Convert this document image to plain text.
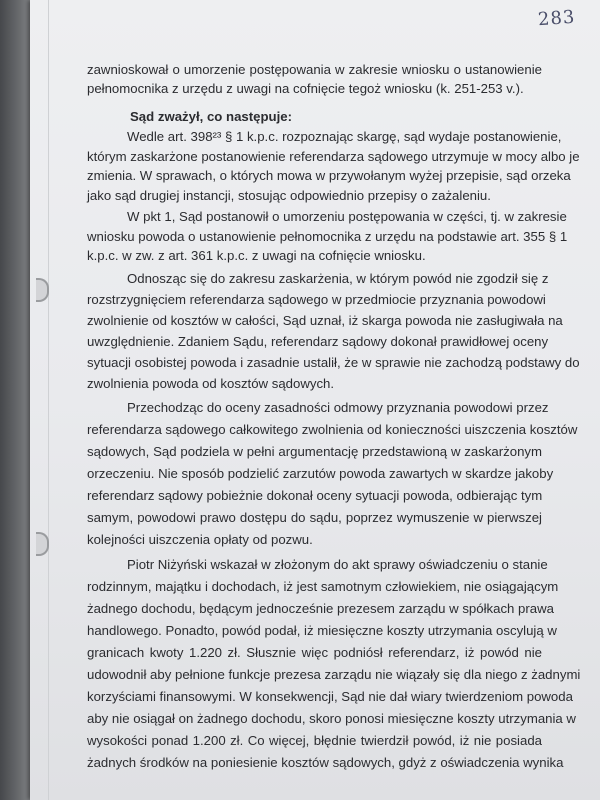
283
zawnioskował o umorzenie postępowania w zakresie wniosku o ustanowienie
pełnomocnika z urzędu z uwagi na cofnięcie tegoż wniosku (k. 251-253 v.).
Sąd zważył, co następuje:
Wedle art. 398²³ § 1 k.p.c. rozpoznając skargę, sąd wydaje postanowienie,
którym zaskarżone postanowienie referendarza sądowego utrzymuje w mocy albo je
zmienia. W sprawach, o których mowa w przywołanym wyżej przepisie, sąd orzeka
jako sąd drugiej instancji, stosując odpowiednio przepisy o zażaleniu.
W pkt 1, Sąd postanowił o umorzeniu postępowania w części, tj. w zakresie
wniosku powoda o ustanowienie pełnomocnika z urzędu na podstawie art. 355 § 1
k.p.c. w zw. z art. 361 k.p.c. z uwagi na cofnięcie wniosku.
Odnosząc się do zakresu zaskarżenia, w którym powód nie zgodził się z
rozstrzygnięciem referendarza sądowego w przedmiocie przyznania powodowi
zwolnienie od kosztów w całości, Sąd uznał, iż skarga powoda nie zasługiwała na
uwzględnienie. Zdaniem Sądu, referendarz sądowy dokonał prawidłowej oceny
sytuacji osobistej powoda i zasadnie ustalił, że w sprawie nie zachodzą podstawy do
zwolnienia powoda od kosztów sądowych.
Przechodząc do oceny zasadności odmowy przyznania powodowi przez
referendarza sądowego całkowitego zwolnienia od konieczności uiszczenia kosztów
sądowych, Sąd podziela w pełni argumentację przedstawioną w zaskarżonym
orzeczeniu. Nie sposób podzielić zarzutów powoda zawartych w skardze jakoby
referendarz sądowy pobieżnie dokonał oceny sytuacji powoda, odbierając tym
samym, powodowi prawo dostępu do sądu, poprzez wymuszenie w pierwszej
kolejności uiszczenia opłaty od pozwu.
Piotr Niżyński wskazał w złożonym do akt sprawy oświadczeniu o stanie
rodzinnym, majątku i dochodach, iż jest samotnym człowiekiem, nie osiągającym
żadnego dochodu, będącym jednocześnie prezesem zarządu w spółkach prawa
handlowego. Ponadto, powód podał, iż miesięczne koszty utrzymania oscylują w
granicach kwoty 1.220 zł. Słusznie więc podniósł referendarz, iż powód nie
udowodnił aby pełnione funkcje prezesa zarządu nie wiązały się dla niego z żadnymi
korzyściami finansowymi. W konsekwencji, Sąd nie dał wiary twierdzeniom powoda
aby nie osiągał on żadnego dochodu, skoro ponosi miesięczne koszty utrzymania w
wysokości ponad 1.200 zł. Co więcej, błędnie twierdził powód, iż nie posiada
żadnych środków na poniesienie kosztów sądowych, gdyż z oświadczenia wynika
